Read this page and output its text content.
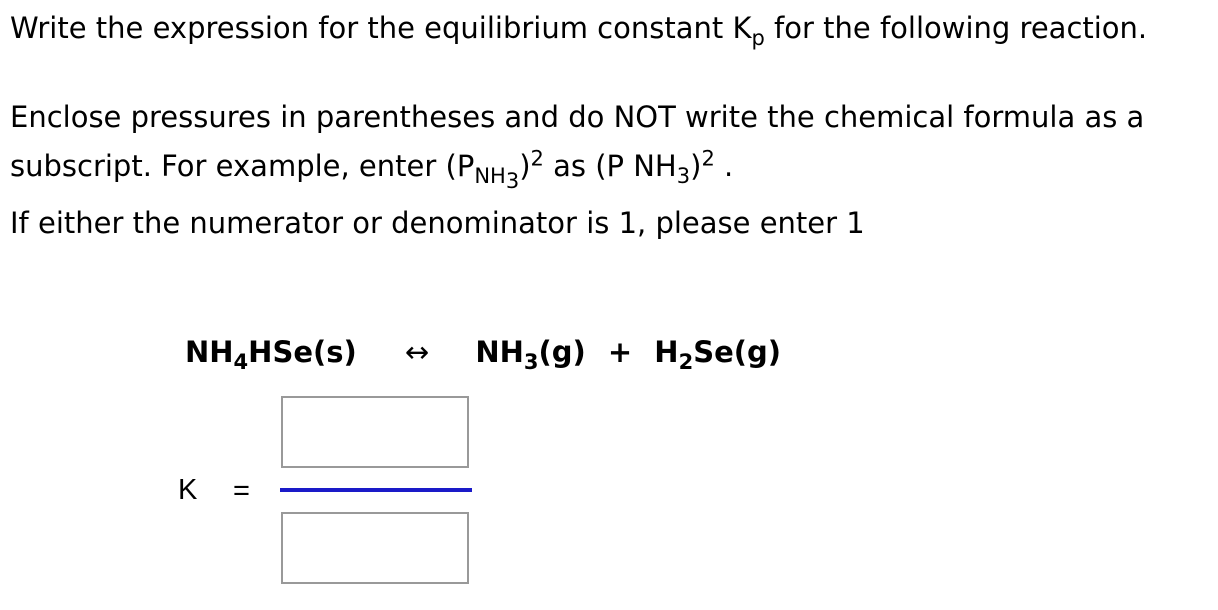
Write the expression for the equilibrium constant $K_p$ for the following reaction.
Enclose pressures in parentheses and do NOT write the chemical formula as a
subscript. For example, enter $(P_{NH_3})^2$ as (P $NH_3)^2$ .
If either the numerator or denominator is 1, please enter 1
$NH_4HSe(s)$ ↔ $NH_3(g) + H_2Se(g)$
K =
